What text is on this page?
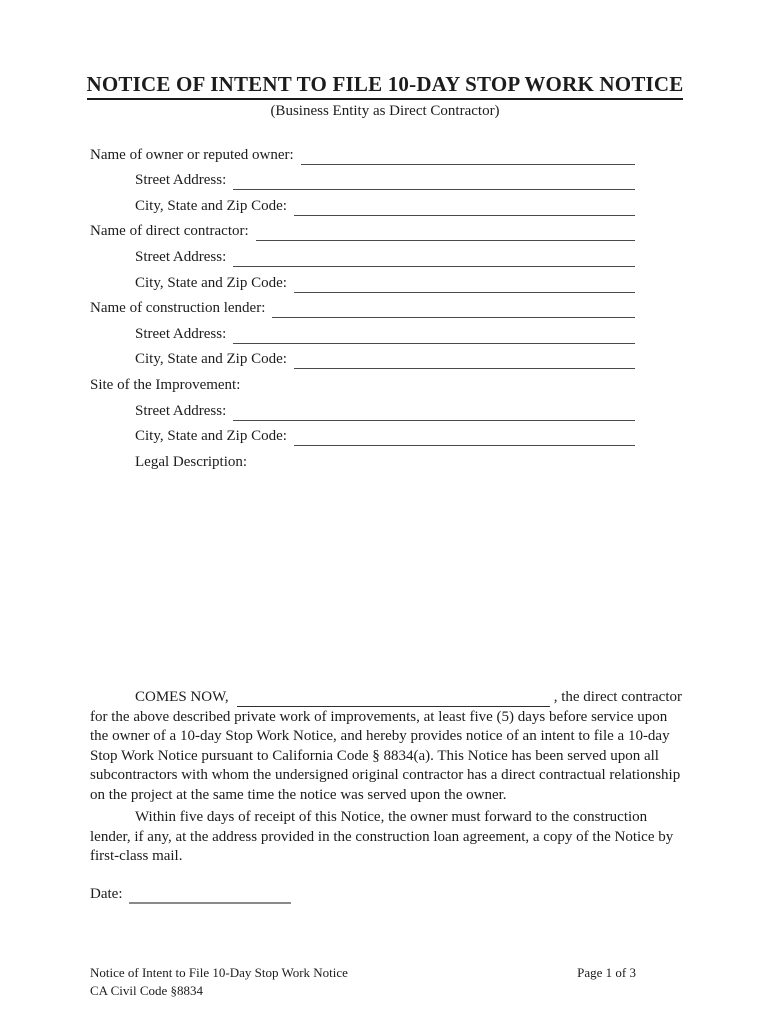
NOTICE OF INTENT TO FILE 10-DAY STOP WORK NOTICE
(Business Entity as Direct Contractor)
Name of owner or reputed owner:
Street Address:
City, State and Zip Code:
Name of direct contractor:
Street Address:
City, State and Zip Code:
Name of construction lender:
Street Address:
City, State and Zip Code:
Site of the Improvement:
Street Address:
City, State and Zip Code:
Legal Description:
COMES NOW,	, the direct contractor
for the above described private work of improvements, at least five (5) days before service upon the owner of a 10-day Stop Work Notice, and hereby provides notice of an intent to file a 10-day Stop Work Notice pursuant to California Code § 8834(a). This Notice has been served upon all subcontractors with whom the undersigned original contractor has a direct contractual relationship on the project at the same time the notice was served upon the owner.
Within five days of receipt of this Notice, the owner must forward to the construction lender, if any, at the address provided in the construction loan agreement, a copy of the Notice by first-class mail.
Date:
Notice of Intent to File 10-Day Stop Work Notice
CA Civil Code §8834
Page 1 of 3
